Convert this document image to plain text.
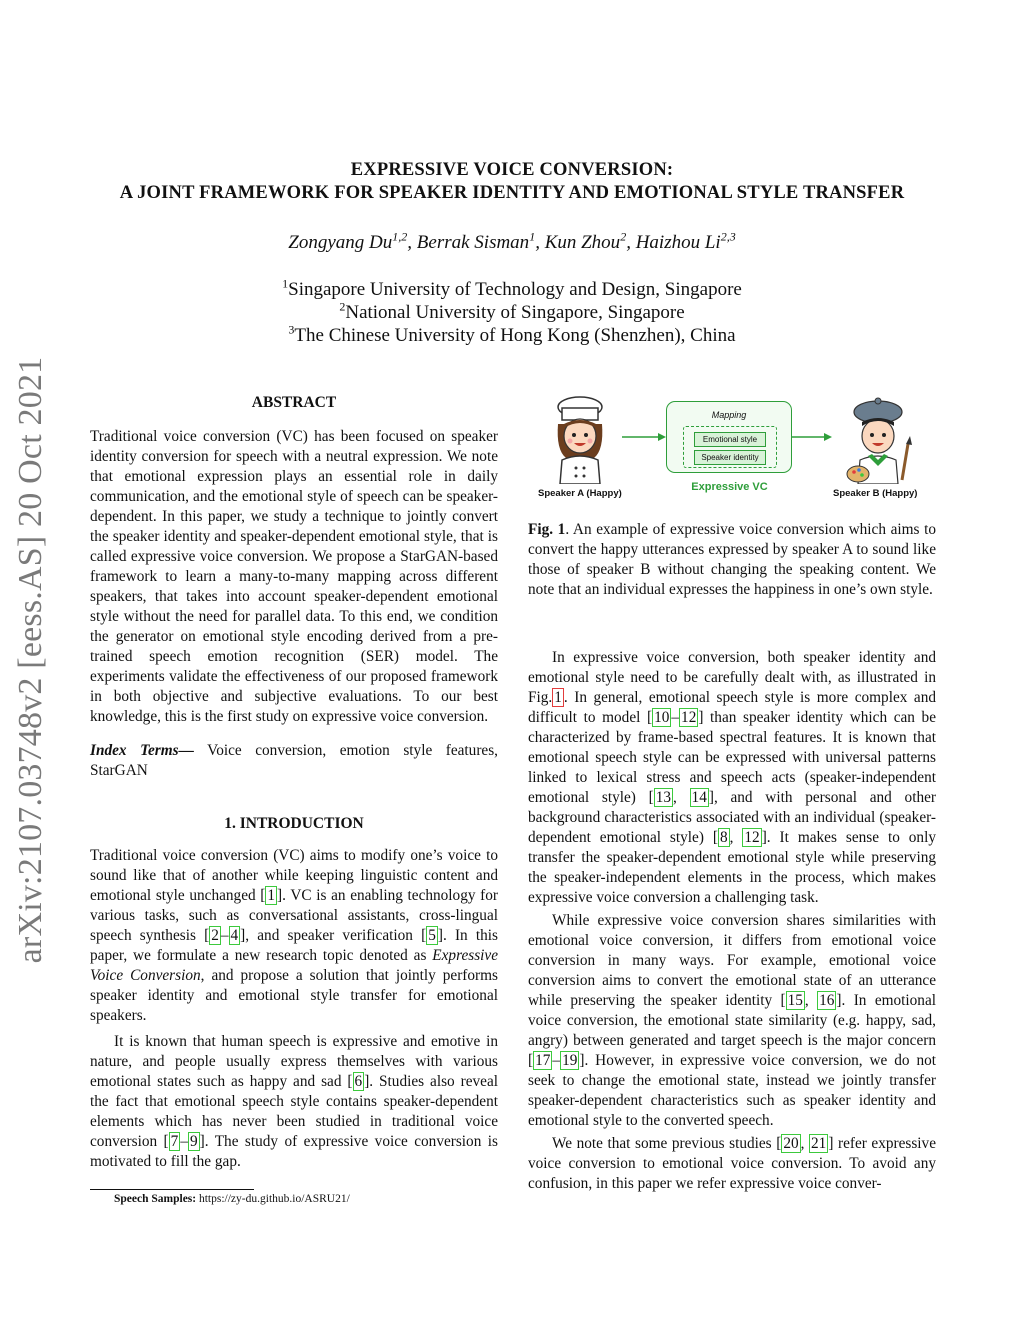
arXiv:2107.03748v2 [eess.AS] 20 Oct 2021
EXPRESSIVE VOICE CONVERSION:
A JOINT FRAMEWORK FOR SPEAKER IDENTITY AND EMOTIONAL STYLE TRANSFER
Zongyang Du$^{1,2}$, Berrak Sisman$^1$, Kun Zhou$^2$, Haizhou Li$^{2,3}$
$^1$Singapore University of Technology and Design, Singapore
$^2$National University of Singapore, Singapore
$^3$The Chinese University of Hong Kong (Shenzhen), China

ABSTRACT

Traditional voice conversion (VC) has been focused on speaker identity conversion for speech with a neutral expression. We note that emotional expression plays an essential role in daily communication, and the emotional style of speech can be speaker-dependent. In this paper, we study a technique to jointly convert the speaker identity and speaker-dependent emotional style, that is called expressive voice conversion. We propose a StarGAN-based framework to learn a many-to-many mapping across different speakers, that takes into account speaker-dependent emotional style without the need for parallel data. To this end, we condition the generator on emotional style encoding derived from a pre-trained speech emotion recognition (SER) model. The experiments validate the effectiveness of our proposed framework in both objective and subjective evaluations. To our best knowledge, this is the first study on expressive voice conversion.

Index Terms— Voice conversion, emotion style features, StarGAN

1. INTRODUCTION

Traditional voice conversion (VC) aims to modify one’s voice to sound like that of another while keeping linguistic content and emotional style unchanged [ 1 ]. VC is an enabling technology for various tasks, such as conversational assistants, cross-lingual speech synthesis [ 2 – 4 ], and speaker verification [ 5 ]. In this paper, we formulate a new research topic denoted as Expressive Voice Conversion, and propose a solution that jointly performs speaker identity and emotional style transfer for emotional speakers.

It is known that human speech is expressive and emotive in nature, and people usually express themselves with various emotional states such as happy and sad [ 6 ]. Studies also reveal the fact that emotional speech style contains speaker-dependent elements which has never been studied in traditional voice conversion [ 7 – 9 ]. The study of expressive voice conversion is motivated to fill the gap.

Speech Samples: https://zy-du.github.io/ASRU21/
Speaker A (Happy)
Mapping
Emotional style
Speaker identity
Expressive VC
Speaker B (Happy)
Fig. 1. An example of expressive voice conversion which aims to convert the happy utterances expressed by speaker A to sound like those of speaker B without changing the speaking content. We note that an individual expresses the happiness in one’s own style.

In expressive voice conversion, both speaker identity and emotional style need to be carefully dealt with, as illustrated in Fig. 1 . In general, emotional speech style is more complex and difficult to model [ 10 – 12 ] than speaker identity which can be characterized by frame-based spectral features. It is known that emotional speech style can be expressed with universal patterns linked to lexical stress and speech acts (speaker-independent emotional style) [ 13 , 14 ], and with personal and other background characteristics associated with an individual (speaker-dependent emotional style) [ 8 , 12 ]. It makes sense to only transfer the speaker-dependent emotional style while preserving the speaker-independent elements in the process, which makes expressive voice conversion a challenging task.

While expressive voice conversion shares similarities with emotional voice conversion, it differs from emotional voice conversion in many ways. For example, emotional voice conversion aims to convert the emotional state of an utterance while preserving the speaker identity [ 15 , 16 ]. In emotional voice conversion, the emotional state similarity (e.g. happy, sad, angry) between generated and target speech is the major concern [ 17 – 19 ]. However, in expressive voice conversion, we do not seek to change the emotional state, instead we jointly transfer speaker-dependent characteristics such as speaker identity and emotional style to the converted speech.

We note that some previous studies [ 20 , 21 ] refer expressive voice conversion to emotional voice conversion. To avoid any confusion, in this paper we refer expressive voice conver-
